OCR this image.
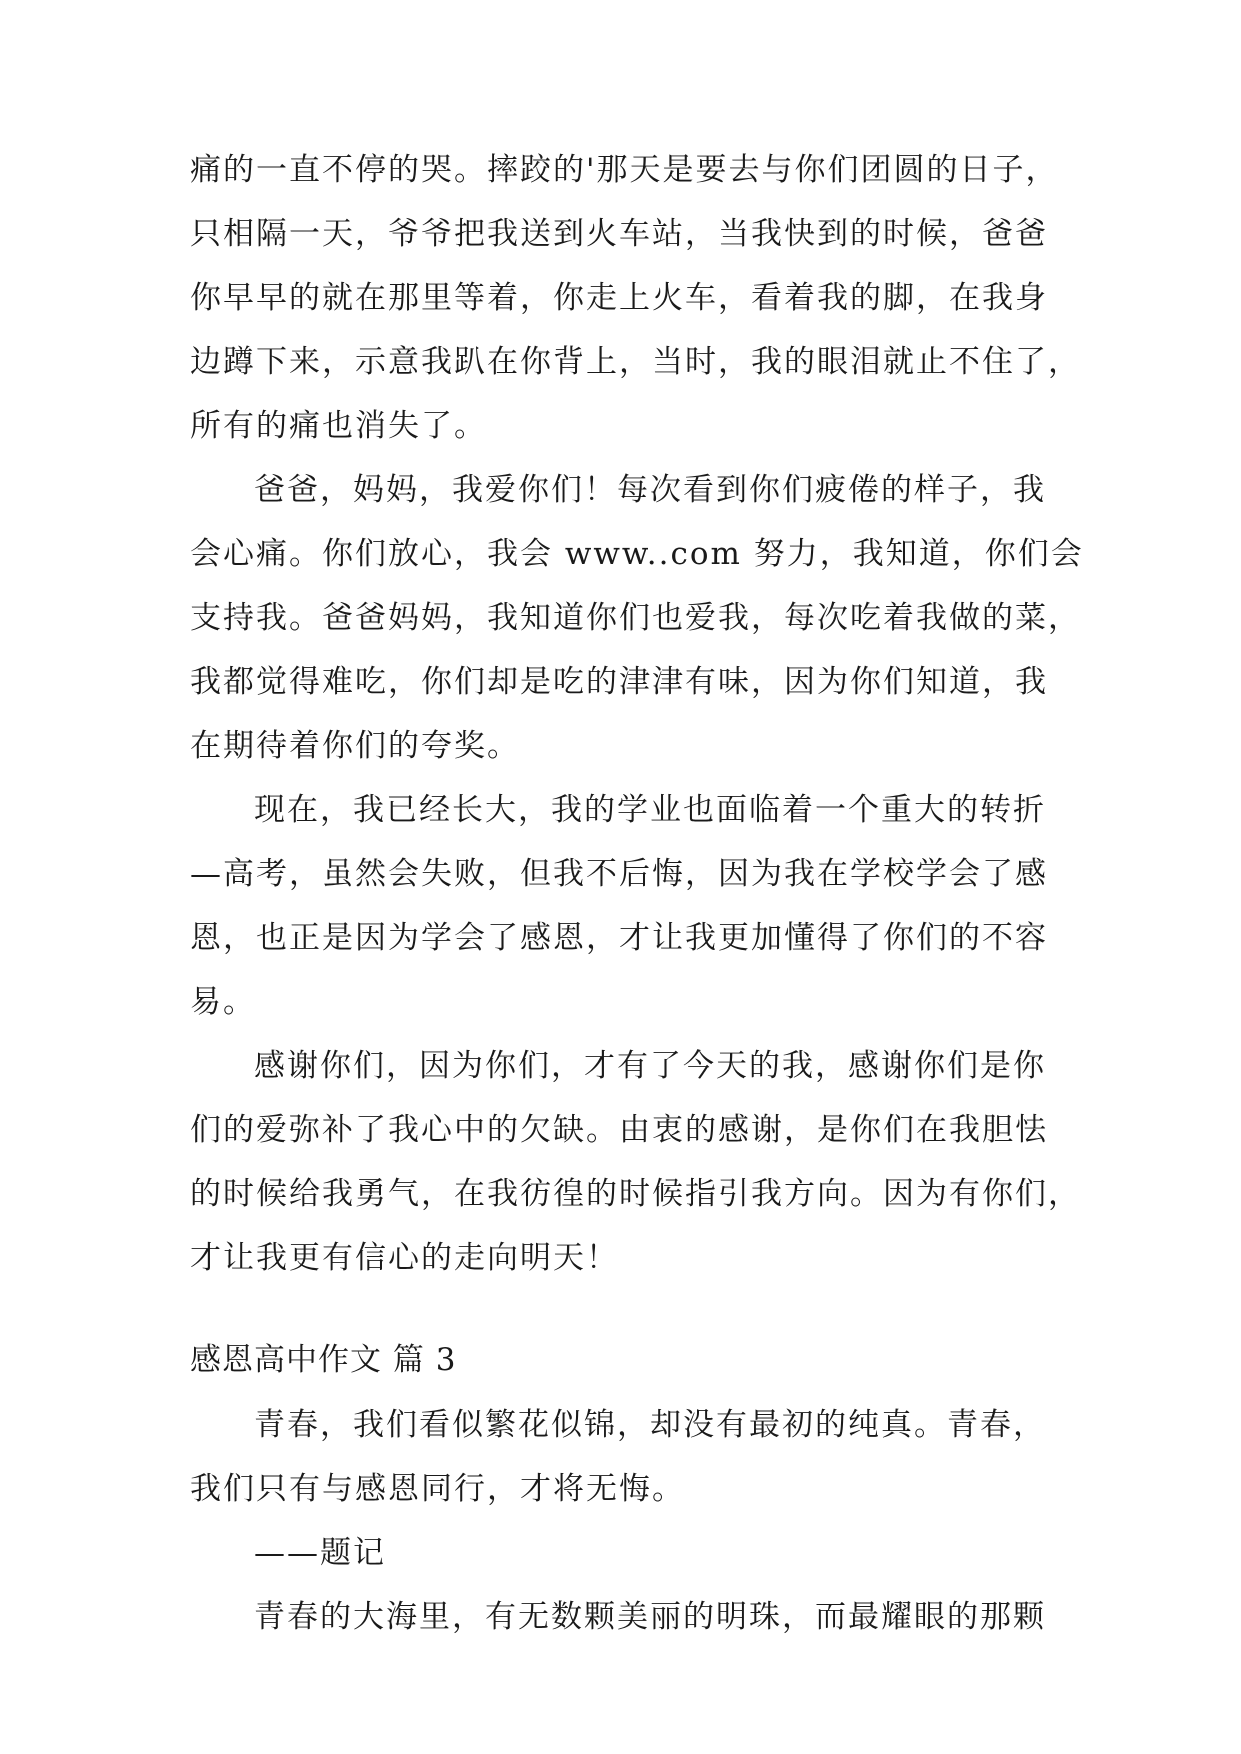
痛的一直不停的哭。摔跤的'那天是要去与你们团圆的日子，
只相隔一天，爷爷把我送到火车站，当我快到的时候，爸爸
你早早的就在那里等着，你走上火车，看着我的脚，在我身
边蹲下来，示意我趴在你背上，当时，我的眼泪就止不住了，
所有的痛也消失了。
爸爸，妈妈，我爱你们！每次看到你们疲倦的样子，我
会心痛。你们放心，我会 www..com 努力，我知道，你们会
支持我。爸爸妈妈，我知道你们也爱我，每次吃着我做的菜，
我都觉得难吃，你们却是吃的津津有味，因为你们知道，我
在期待着你们的夸奖。
现在，我已经长大，我的学业也面临着一个重大的转折
—高考，虽然会失败，但我不后悔，因为我在学校学会了感
恩，也正是因为学会了感恩，才让我更加懂得了你们的不容
易。
感谢你们，因为你们，才有了今天的我，感谢你们是你
们的爱弥补了我心中的欠缺。由衷的感谢，是你们在我胆怯
的时候给我勇气，在我彷徨的时候指引我方向。因为有你们，
才让我更有信心的走向明天！
感恩高中作文 篇 3
青春，我们看似繁花似锦，却没有最初的纯真。青春，
我们只有与感恩同行，才将无悔。
——题记
青春的大海里，有无数颗美丽的明珠，而最耀眼的那颗
